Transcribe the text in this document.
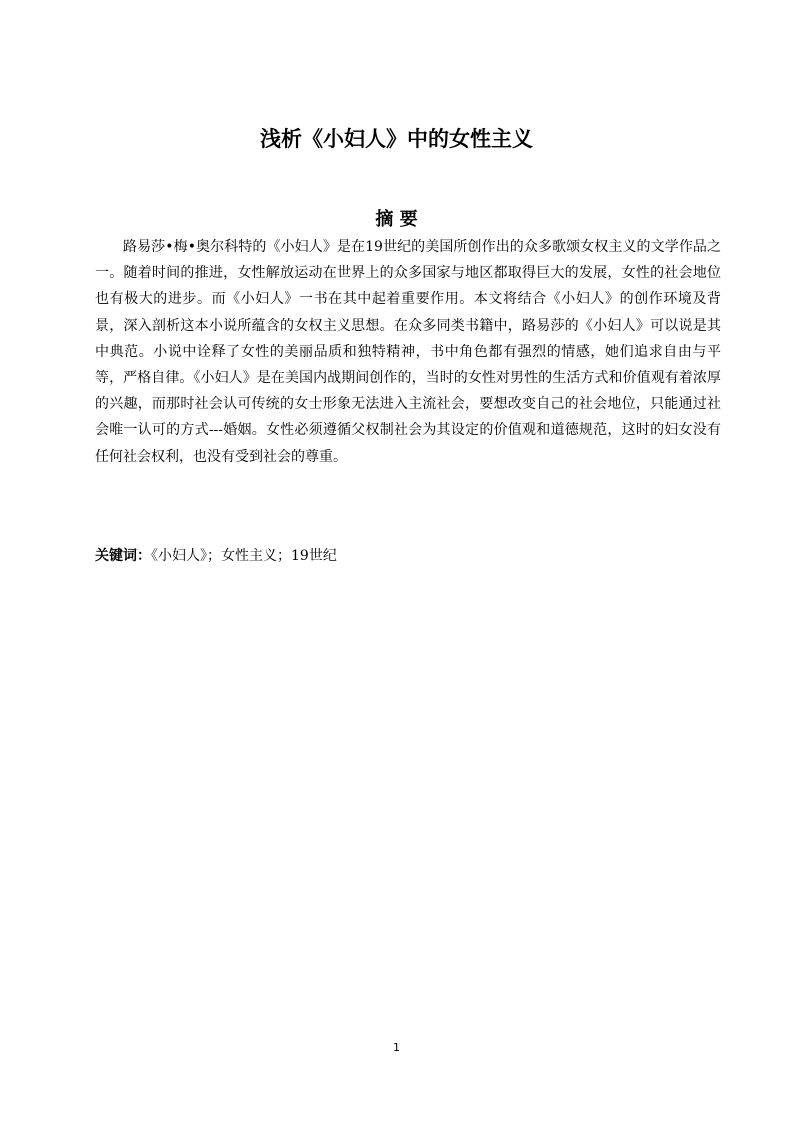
浅析《小妇人》中的女性主义
摘 要

路易莎•梅•奥尔科特的《小妇人》是在19世纪的美国所创作出的众多歌颂女权主义的文学作品之一。随着时间的推进，女性解放运动在世界上的众多国家与地区都取得巨大的发展，女性的社会地位也有极大的进步。而《小妇人》一书在其中起着重要作用。本文将结合《小妇人》的创作环境及背景，深入剖析这本小说所蕴含的女权主义思想。在众多同类书籍中，路易莎的《小妇人》可以说是其中典范。小说中诠释了女性的美丽品质和独特精神，书中角色都有强烈的情感，她们追求自由与平等，严格自律。《小妇人》是在美国内战期间创作的，当时的女性对男性的生活方式和价值观有着浓厚的兴趣，而那时社会认可传统的女士形象无法进入主流社会，要想改变自己的社会地位，只能通过社会唯一认可的方式---婚姻。女性必须遵循父权制社会为其设定的价值观和道德规范，这时的妇女没有任何社会权利，也没有受到社会的尊重。

关键词：《小妇人》；女性主义；19世纪

1
